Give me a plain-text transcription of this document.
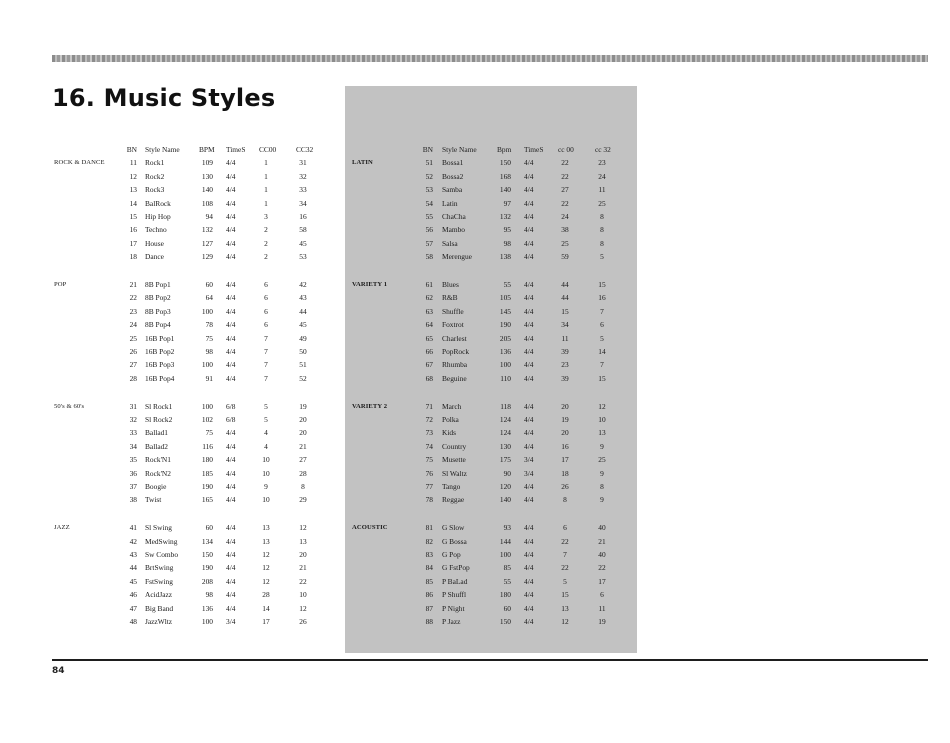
16. Music Styles
BN Style Name	BPM TimeS CC00	CC32
ROCK & DANCE	11 Rock1	109 4/4	1	31
12 Rock2	130 4/4	1	32
13 Rock3	140 4/4	1	33
14 BalRock	108 4/4	1	34
15 Hip Hop	94 4/4	3	16
16 Techno	132 4/4	2	58
17 House	127 4/4	2	45
18 Dance	129 4/4	2	53
POP	21 8B Pop1	60 4/4	6	42
22 8B Pop2	64 4/4	6	43
23 8B Pop3	100 4/4	6	44
24 8B Pop4	78 4/4	6	45
25 16B Pop1	75 4/4	7	49
26 16B Pop2	98 4/4	7	50
27 16B Pop3	100 4/4	7	51
28 16B Pop4	91 4/4	7	52
50's & 60's	31 Sl Rock1	100 6/8	5	19
32 Sl Rock2	102 6/8	5	20
33 Ballad1	75 4/4	4	20
34 Ballad2	116 4/4	4	21
35 Rock'N1	180 4/4	10	27
36 Rock'N2	185 4/4	10	28
37 Boogie	190 4/4	9	8
38 Twist	165 4/4	10	29
JAZZ	41 Sl Swing	60 4/4	13	12
42 MedSwing	134 4/4	13	13
43 Sw Combo	150 4/4	12	20
44 BrtSwing	190 4/4	12	21
45 FstSwing	208 4/4	12	22
46 AcidJazz	98 4/4	28	10
47 Big Band	136 4/4	14	12
48 JazzWltz	100 3/4	17	26
BN Style Name	Bpm TimeS cc 00	cc 32
LATIN	51 Bossa1	150 4/4	22	23
52 Bossa2	168 4/4	22	24
53 Samba	140 4/4	27	11
54 Latin	97 4/4	22	25
55 ChaCha	132 4/4	24	8
56 Mambo	95 4/4	38	8
57 Salsa	98 4/4	25	8
58 Merengue	138 4/4	59	5
VARIETY 1	61 Blues	55 4/4	44	15
62 R&B	105 4/4	44	16
63 Shuffle	145 4/4	15	7
64 Foxtrot	190 4/4	34	6
65 Charlest	205 4/4	11	5
66 PopRock	136 4/4	39	14
67 Rhumba	100 4/4	23	7
68 Beguine	110 4/4	39	15
VARIETY 2	71 March	118 4/4	20	12
72 Polka	124 4/4	19	10
73 Kids	124 4/4	20	13
74 Country	130 4/4	16	9
75 Musette	175 3/4	17	25
76 Sl Waltz	90 3/4	18	9
77 Tango	120 4/4	26	8
78 Reggae	140 4/4	8	9
ACOUSTIC	81 G Slow	93 4/4	6	40
82 G Bossa	144 4/4	22	21
83 G Pop	100 4/4	7	40
84 G FstPop	85 4/4	22	22
85 P BaLad	55 4/4	5	17
86 P Shuffl	180 4/4	15	6
87 P Night	60 4/4	13	11
88 P Jazz	150 4/4	12	19
84
